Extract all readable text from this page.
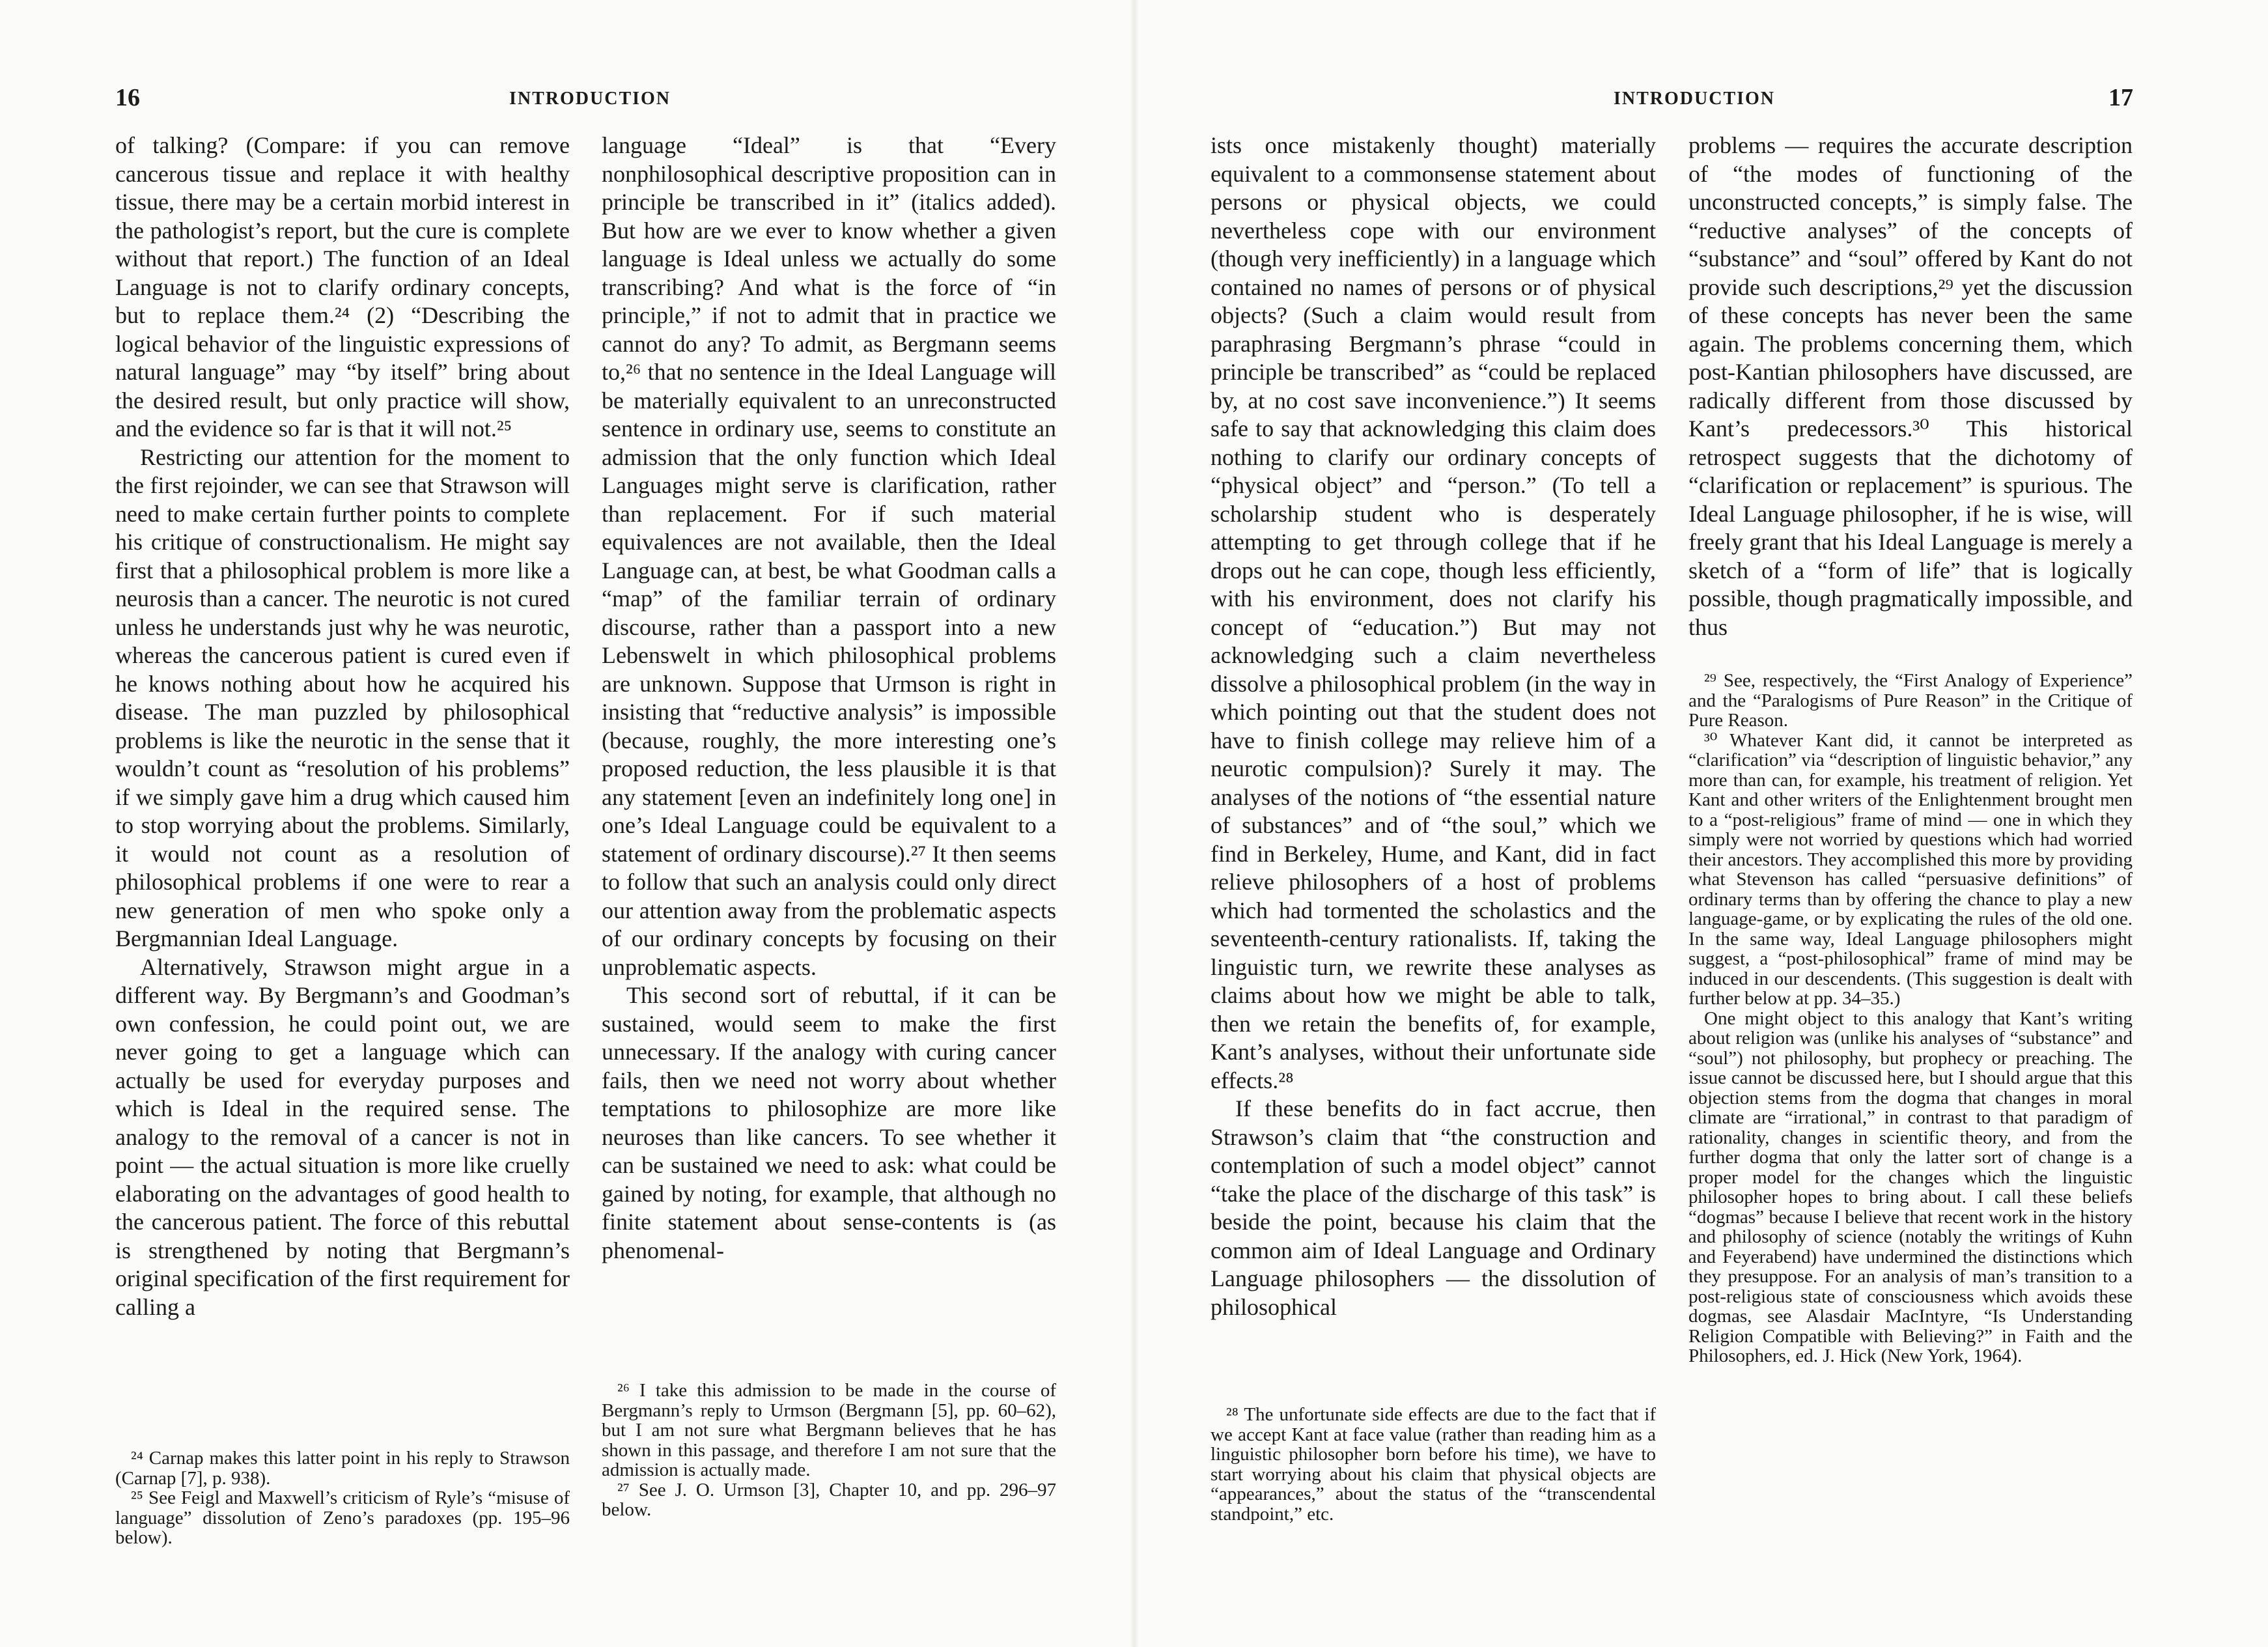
16	INTRODUCTION

of talking? (Compare: if you can remove cancerous tissue and replace it with healthy tissue, there may be a certain morbid interest in the pathologist’s report, but the cure is complete without that report.) The function of an Ideal Language is not to clarify ordinary concepts, but to replace them.²⁴ (2) “Describing the logical behavior of the linguistic expressions of natural language” may “by itself” bring about the desired result, but only practice will show, and the evidence so far is that it will not.²⁵

Restricting our attention for the moment to the first rejoinder, we can see that Strawson will need to make certain further points to complete his critique of constructionalism. He might say first that a philosophical problem is more like a neurosis than a cancer. The neurotic is not cured unless he understands just why he was neurotic, whereas the cancerous patient is cured even if he knows nothing about how he acquired his disease. The man puzzled by philosophical problems is like the neurotic in the sense that it wouldn’t count as “resolution of his problems” if we simply gave him a drug which caused him to stop worrying about the problems. Similarly, it would not count as a resolution of philosophical problems if one were to rear a new generation of men who spoke only a Bergmannian Ideal Language.

Alternatively, Strawson might argue in a different way. By Bergmann’s and Goodman’s own confession, he could point out, we are never going to get a language which can actually be used for everyday purposes and which is Ideal in the required sense. The analogy to the removal of a cancer is not in point — the actual situation is more like cruelly elaborating on the advantages of good health to the cancerous patient. The force of this rebuttal is strengthened by noting that Bergmann’s original specification of the first requirement for calling a

²⁴ Carnap makes this latter point in his reply to Strawson (Carnap [7], p. 938).

²⁵ See Feigl and Maxwell’s criticism of Ryle’s “misuse of language” dissolution of Zeno’s paradoxes (pp. 195–96 below).

language “Ideal” is that “Every nonphilosophical descriptive proposition can in principle be transcribed in it” (italics added). But how are we ever to know whether a given language is Ideal unless we actually do some transcribing? And what is the force of “in principle,” if not to admit that in practice we cannot do any? To admit, as Bergmann seems to,²⁶ that no sentence in the Ideal Language will be materially equivalent to an unreconstructed sentence in ordinary use, seems to constitute an admission that the only function which Ideal Languages might serve is clarification, rather than replacement. For if such material equivalences are not available, then the Ideal Language can, at best, be what Goodman calls a “map” of the familiar terrain of ordinary discourse, rather than a passport into a new Lebenswelt in which philosophical problems are unknown. Suppose that Urmson is right in insisting that “reductive analysis” is impossible (because, roughly, the more interesting one’s proposed reduction, the less plausible it is that any statement [even an indefinitely long one] in one’s Ideal Language could be equivalent to a statement of ordinary discourse).²⁷ It then seems to follow that such an analysis could only direct our attention away from the problematic aspects of our ordinary concepts by focusing on their unproblematic aspects.

This second sort of rebuttal, if it can be sustained, would seem to make the first unnecessary. If the analogy with curing cancer fails, then we need not worry about whether temptations to philosophize are more like neuroses than like cancers. To see whether it can be sustained we need to ask: what could be gained by noting, for example, that although no finite statement about sense-contents is (as phenomenal-

²⁶ I take this admission to be made in the course of Bergmann’s reply to Urmson (Bergmann [5], pp. 60–62), but I am not sure what Bergmann believes that he has shown in this passage, and therefore I am not sure that the admission is actually made.

²⁷ See J. O. Urmson [3], Chapter 10, and pp. 296–97 below.

INTRODUCTION	17

ists once mistakenly thought) materially equivalent to a commonsense statement about persons or physical objects, we could nevertheless cope with our environment (though very inefficiently) in a language which contained no names of persons or of physical objects? (Such a claim would result from paraphrasing Bergmann’s phrase “could in principle be transcribed” as “could be replaced by, at no cost save inconvenience.”) It seems safe to say that acknowledging this claim does nothing to clarify our ordinary concepts of “physical object” and “person.” (To tell a scholarship student who is desperately attempting to get through college that if he drops out he can cope, though less efficiently, with his environment, does not clarify his concept of “education.”) But may not acknowledging such a claim nevertheless dissolve a philosophical problem (in the way in which pointing out that the student does not have to finish college may relieve him of a neurotic compulsion)? Surely it may. The analyses of the notions of “the essential nature of substances” and of “the soul,” which we find in Berkeley, Hume, and Kant, did in fact relieve philosophers of a host of problems which had tormented the scholastics and the seventeenth-century rationalists. If, taking the linguistic turn, we rewrite these analyses as claims about how we might be able to talk, then we retain the benefits of, for example, Kant’s analyses, without their unfortunate side effects.²⁸

If these benefits do in fact accrue, then Strawson’s claim that “the construction and contemplation of such a model object” cannot “take the place of the discharge of this task” is beside the point, because his claim that the common aim of Ideal Language and Ordinary Language philosophers — the dissolution of philosophical

²⁸ The unfortunate side effects are due to the fact that if we accept Kant at face value (rather than reading him as a linguistic philosopher born before his time), we have to start worrying about his claim that physical objects are “appearances,” about the status of the “transcendental standpoint,” etc.

problems — requires the accurate description of “the modes of functioning of the unconstructed concepts,” is simply false. The “reductive analyses” of the concepts of “substance” and “soul” offered by Kant do not provide such descriptions,²⁹ yet the discussion of these concepts has never been the same again. The problems concerning them, which post-Kantian philosophers have discussed, are radically different from those discussed by Kant’s predecessors.³⁰ This historical retrospect suggests that the dichotomy of “clarification or replacement” is spurious. The Ideal Language philosopher, if he is wise, will freely grant that his Ideal Language is merely a sketch of a “form of life” that is logically possible, though pragmatically impossible, and thus

²⁹ See, respectively, the “First Analogy of Experience” and the “Paralogisms of Pure Reason” in the Critique of Pure Reason.

³⁰ Whatever Kant did, it cannot be interpreted as “clarification” via “description of linguistic behavior,” any more than can, for example, his treatment of religion. Yet Kant and other writers of the Enlightenment brought men to a “post-religious” frame of mind — one in which they simply were not worried by questions which had worried their ancestors. They accomplished this more by providing what Stevenson has called “persuasive definitions” of ordinary terms than by offering the chance to play a new language-game, or by explicating the rules of the old one. In the same way, Ideal Language philosophers might suggest, a “post-philosophical” frame of mind may be induced in our descendents. (This suggestion is dealt with further below at pp. 34–35.)

One might object to this analogy that Kant’s writing about religion was (unlike his analyses of “substance” and “soul”) not philosophy, but prophecy or preaching. The issue cannot be discussed here, but I should argue that this objection stems from the dogma that changes in moral climate are “irrational,” in contrast to that paradigm of rationality, changes in scientific theory, and from the further dogma that only the latter sort of change is a proper model for the changes which the linguistic philosopher hopes to bring about. I call these beliefs “dogmas” because I believe that recent work in the history and philosophy of science (notably the writings of Kuhn and Feyerabend) have undermined the distinctions which they presuppose. For an analysis of man’s transition to a post-religious state of consciousness which avoids these dogmas, see Alasdair MacIntyre, “Is Understanding Religion Compatible with Believing?” in Faith and the Philosophers, ed. J. Hick (New York, 1964).
